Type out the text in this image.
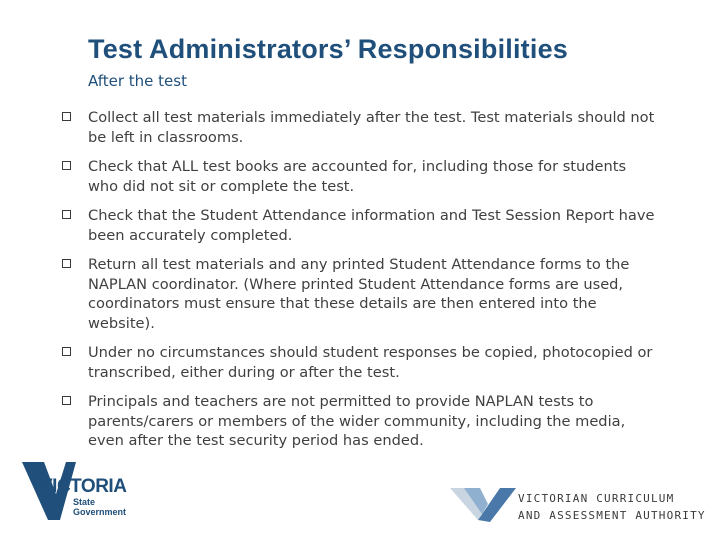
Test Administrators’ Responsibilities
After the test
Collect all test materials immediately after the test. Test materials should not be left in classrooms.
Check that ALL test books are accounted for, including those for students who did not sit or complete the test.
Check that the Student Attendance information and Test Session Report have been accurately completed.
Return all test materials and any printed Student Attendance forms to the NAPLAN coordinator. (Where printed Student Attendance forms are used, coordinators must ensure that these details are then entered into the website).
Under no circumstances should student responses be copied, photocopied or transcribed, either during or after the test.
Principals and teachers are not permitted to provide NAPLAN tests to parents/carers or members of the wider community, including the media, even after the test security period has ended.
VICTORIA
State
Government
VICTORIAN CURRICULUM
AND ASSESSMENT AUTHORITY
